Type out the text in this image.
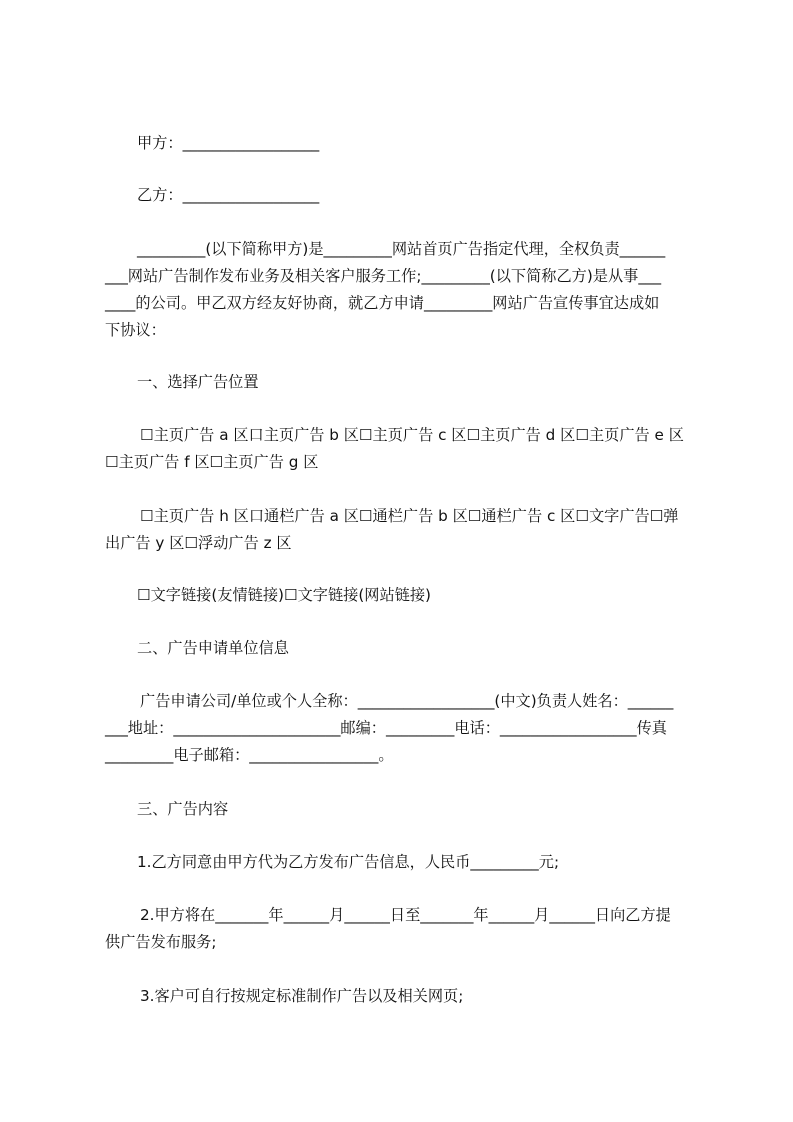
甲方：__________________
乙方：__________________
_________(以下简称甲方)是_________网站首页广告指定代理，全权负责______
___网站广告制作发布业务及相关客户服务工作;_________(以下简称乙方)是从事___
____的公司。甲乙双方经友好协商，就乙方申请_________网站广告宣传事宜达成如
下协议：
一、选择广告位置
☐主页广告 a 区口主页广告 b 区☐主页广告 c 区☐主页广告 d 区☐主页广告 e 区
☐主页广告 f 区☐主页广告 g 区
☐主页广告 h 区口通栏广告 a 区☐通栏广告 b 区☐通栏广告 c 区☐文字广告☐弹
出广告 y 区☐浮动广告 z 区
☐文字链接(友情链接)☐文字链接(网站链接)
二、广告申请单位信息
广告申请公司/单位或个人全称：__________________(中文)负责人姓名：______
___地址：______________________邮编：_________电话：__________________传真
_________电子邮箱：_________________。
三、广告内容
1.乙方同意由甲方代为乙方发布广告信息，人民币_________元;
2.甲方将在_______年______月______日至_______年______月______日向乙方提
供广告发布服务;
3.客户可自行按规定标准制作广告以及相关网页;
